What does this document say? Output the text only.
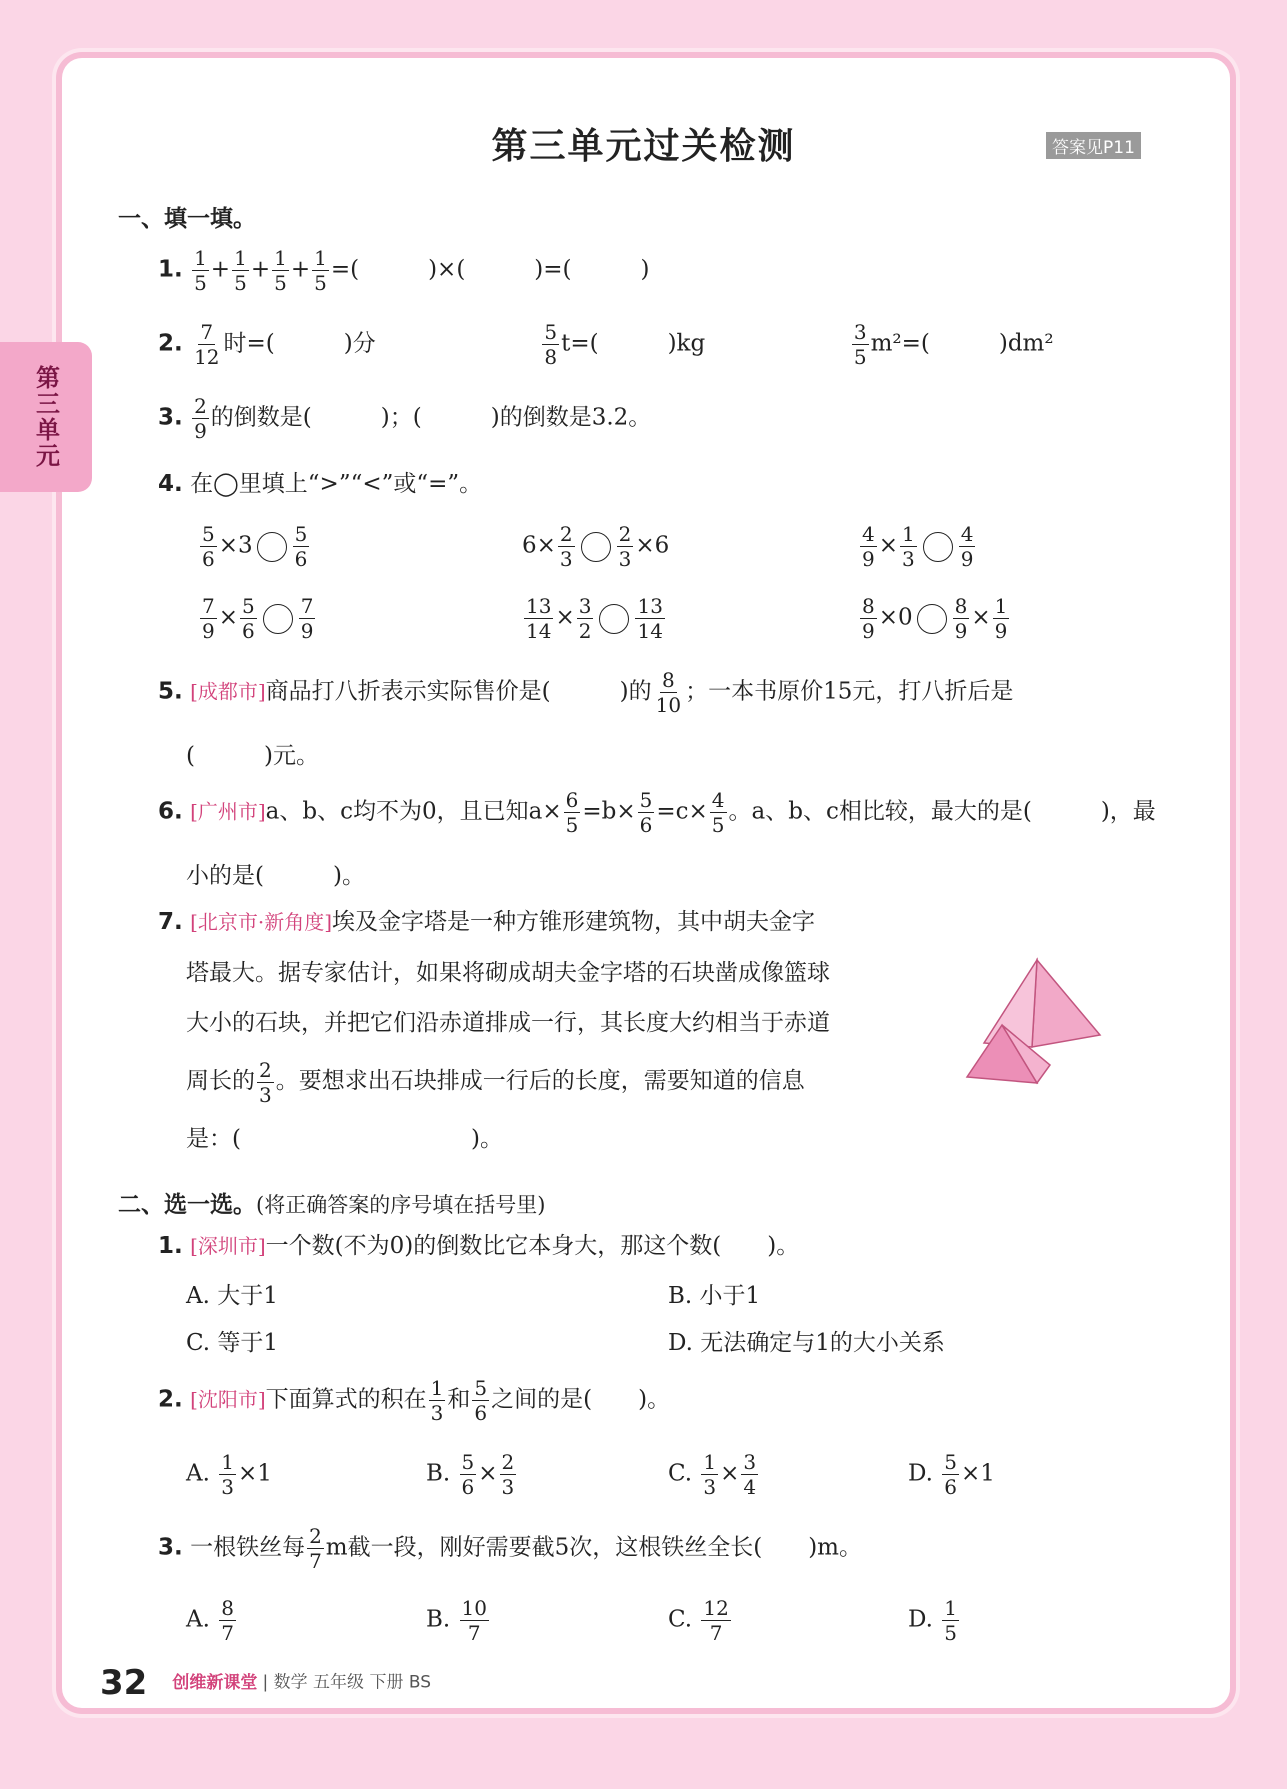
第三单元
第三单元过关检测	答案见P11
一、填一填。
1. $\frac{1}{5} + \frac{1}{5} + \frac{1}{5} + \frac{1}{5}$ =(　　　)×(　　　)=(　　　)
2. $\frac{7}{12}$ 时=(　　　)分	$\frac{5}{8} t=$(　　　)kg	$\frac{3}{5} m^2=$(　　　)dm²
3. $\frac{2}{9}$ 的倒数是(　　　)；(　　　)的倒数是3.2。
4. 在◯里填上“>”“<”或“=”。
$\frac{5}{6} \times 3 \frac{5}{6}$	$6\times \frac{2}{3} \frac{2}{3} \times 6$	$\frac{4}{9} \times \frac{1}{3} \frac{4}{9}$
$\frac{7}{9} \times \frac{5}{6} \frac{7}{9}$	$\frac{13}{14} \times \frac{3}{2} \frac{13}{14}$	$\frac{8}{9} \times 0 \frac{8}{9} \times \frac{1}{9}$
5. [成都市]商品打八折表示实际售价是(　　　)的 $\frac{8}{10}$ ；一本书原价15元，打八折后是
(　　　)元。
6. [广州市]a、b、c均不为0，且已知$a\times \frac{6}{5} =b\times \frac{5}{6} =c\times \frac{4}{5}$ 。a、b、c相比较，最大的是(　　　)，最
小的是(　　　)。
7. [北京市·新角度]埃及金字塔是一种方锥形建筑物，其中胡夫金字
塔最大。据专家估计，如果将砌成胡夫金字塔的石块凿成像篮球
大小的石块，并把它们沿赤道排成一行，其长度大约相当于赤道
周长的 $\frac{2}{3}$ 。要想求出石块排成一行后的长度，需要知道的信息
是：(　　　　　　　　　　)。
二、选一选。(将正确答案的序号填在括号里)
1. [深圳市]一个数(不为0)的倒数比它本身大，那这个数(　　)。
A. 大于1	B. 小于1
C. 等于1	D. 无法确定与1的大小关系
2. [沈阳市]下面算式的积在 $\frac{1}{3}$ 和 $\frac{5}{6}$ 之间的是(　　)。
A. $\frac{1}{3} \times 1$	B. $\frac{5}{6} \times \frac{2}{3}$	C. $\frac{1}{3} \times \frac{3}{4}$	D. $\frac{5}{6} \times 1$
3. 一根铁丝每 $\frac{2}{7}$ m截一段，刚好需要截5次，这根铁丝全长(　　)m。
A. $\frac{8}{7}$	B. $\frac{10}{7}$	C. $\frac{12}{7}$	D. $\frac{1}{5}$
32 创维新课堂 | 数学 五年级 下册 BS
